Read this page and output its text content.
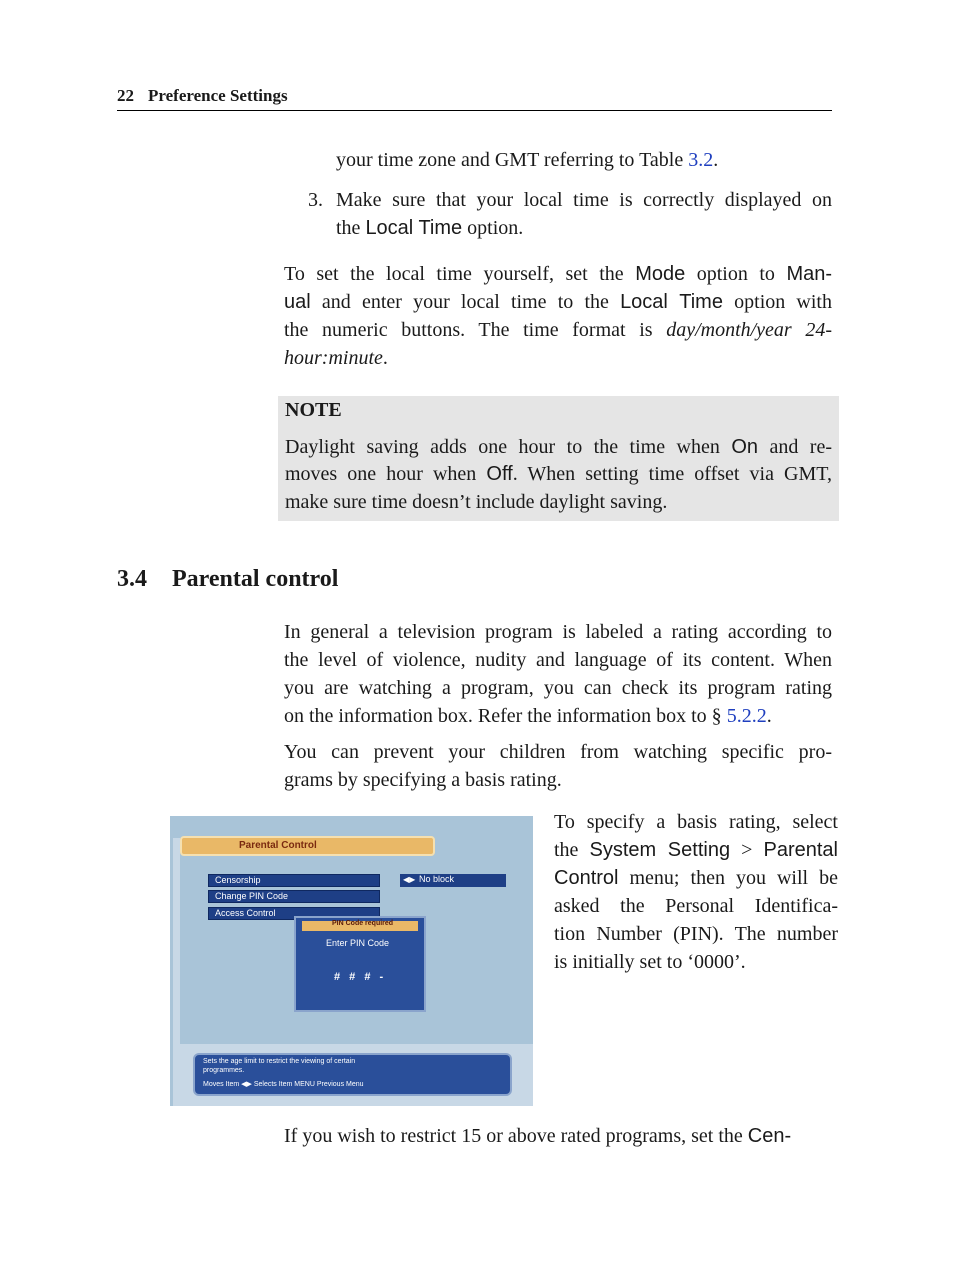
22 Preference Settings
your time zone and GMT referring to Table 3.2.
3. Make sure that your local time is correctly displayed on
the Local Time option.
To set the local time yourself, set the Mode option to Man-
ual and enter your local time to the Local Time option with
the numeric buttons. The time format is day/month/year 24-
hour:minute.
NOTE
Daylight saving adds one hour to the time when On and re-
moves one hour when Off. When setting time offset via GMT,
make sure time doesn’t include daylight saving.
3.4 Parental control
In general a television program is labeled a rating according to
the level of violence, nudity and language of its content. When
you are watching a program, you can check its program rating
on the information box. Refer the information box to § 5.2.2.
You can prevent your children from watching specific pro-
grams by specifying a basis rating.
Parental Control
Censorship
Change PIN Code
Access Control
◀▶ No block
PIN Code required
Enter PIN Code
# # # -
Sets the age limit to restrict the viewing of certain
programmes.
Moves Item ◀▶ Selects Item MENU Previous Menu
To specify a basis rating, select
the System Setting > Parental
Control menu; then you will be
asked the Personal Identifica-
tion Number (PIN). The number
is initially set to ‘0000’.
If you wish to restrict 15 or above rated programs, set the Cen-
